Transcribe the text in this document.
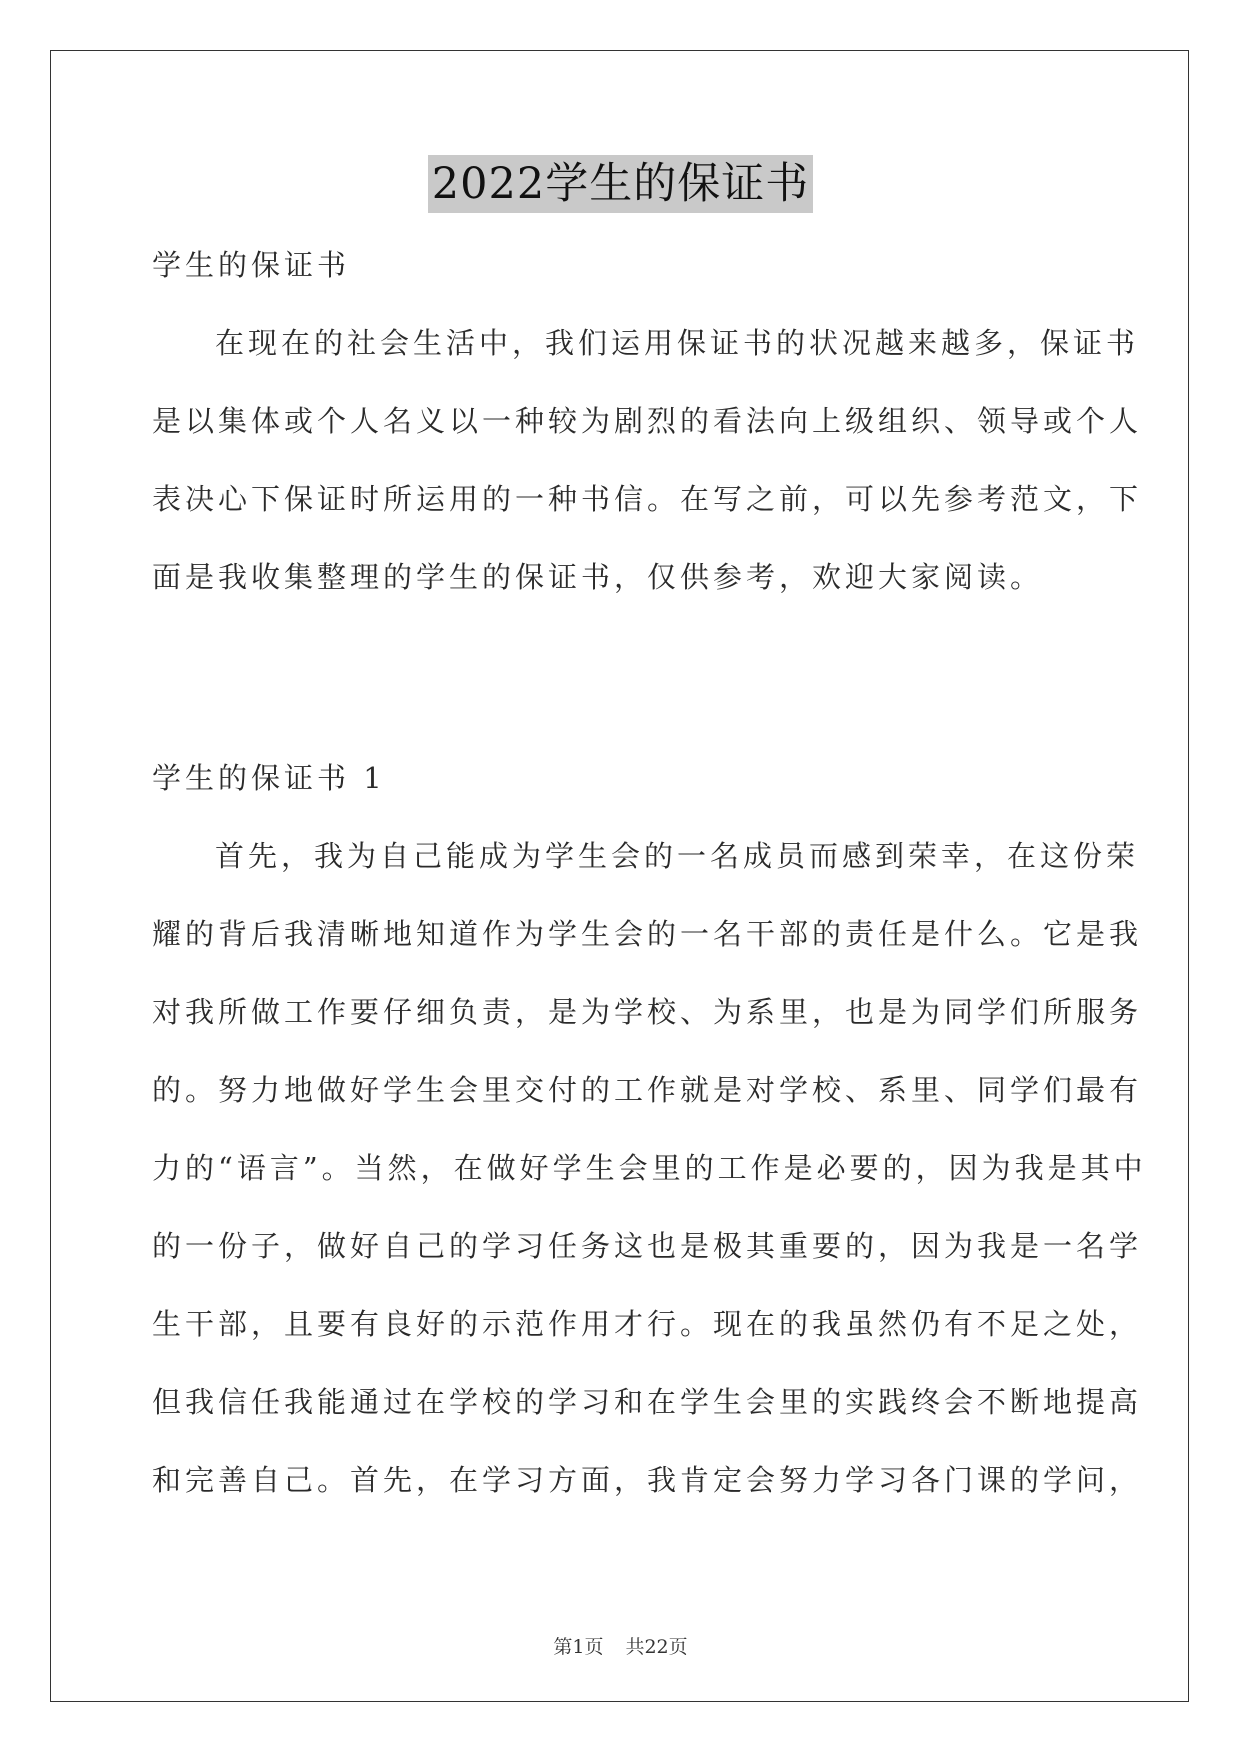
2022学生的保证书
学生的保证书
在现在的社会生活中，我们运用保证书的状况越来越多，保证书
是以集体或个人名义以一种较为剧烈的看法向上级组织、领导或个人
表决心下保证时所运用的一种书信。在写之前，可以先参考范文，下
面是我收集整理的学生的保证书，仅供参考，欢迎大家阅读。
学生的保证书 1
首先，我为自己能成为学生会的一名成员而感到荣幸，在这份荣
耀的背后我清晰地知道作为学生会的一名干部的责任是什么。它是我
对我所做工作要仔细负责，是为学校、为系里，也是为同学们所服务
的。努力地做好学生会里交付的工作就是对学校、系里、同学们最有
力的“语言”。当然，在做好学生会里的工作是必要的，因为我是其中
的一份子，做好自己的学习任务这也是极其重要的，因为我是一名学
生干部，且要有良好的示范作用才行。现在的我虽然仍有不足之处，
但我信任我能通过在学校的学习和在学生会里的实践终会不断地提高
和完善自己。首先，在学习方面，我肯定会努力学习各门课的学问，
第1页 共22页
